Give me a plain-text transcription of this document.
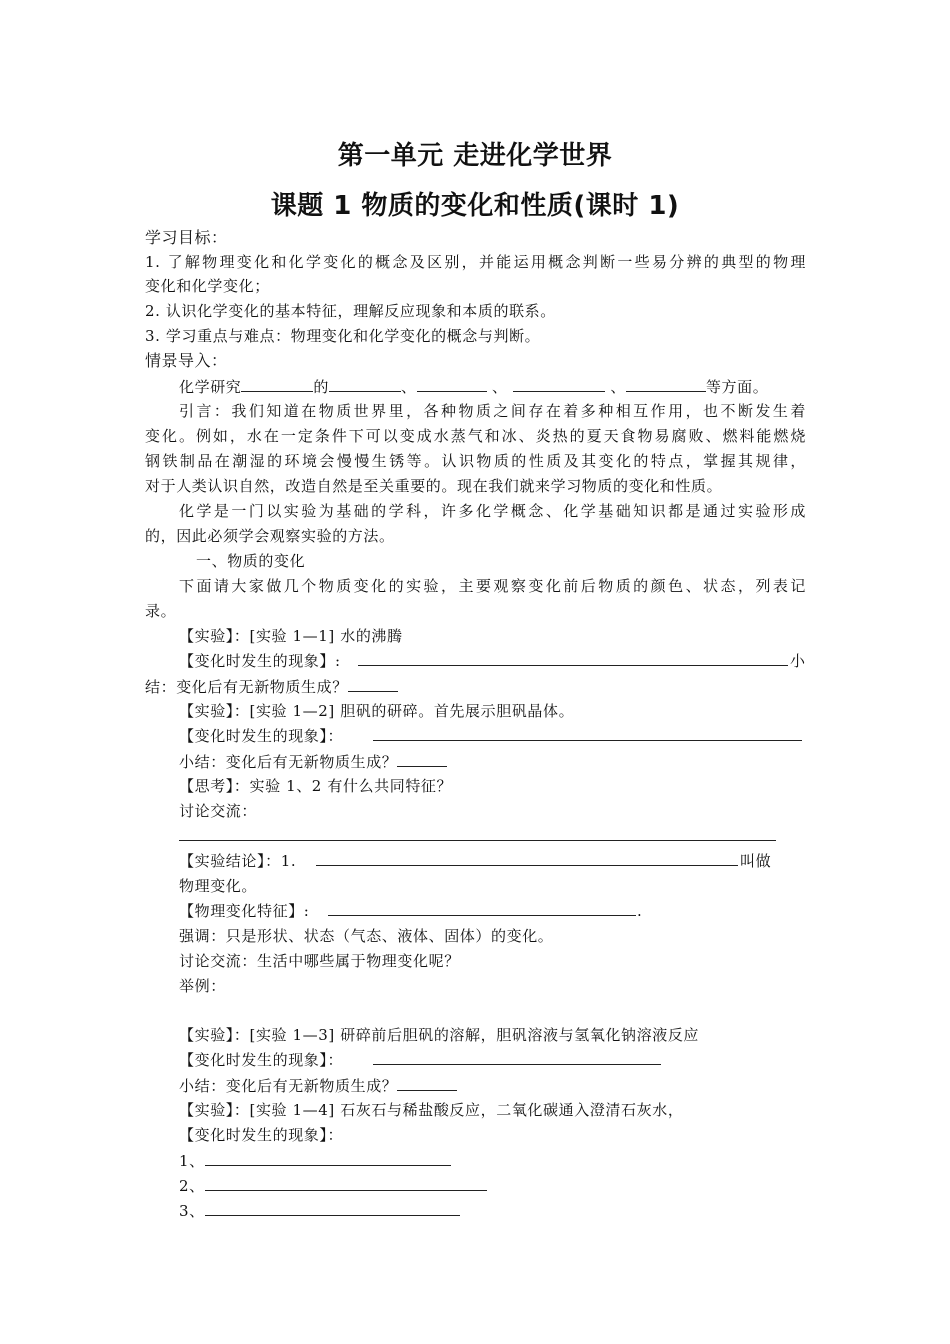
第一单元 走进化学世界
课题 1 物质的变化和性质(课时 1)
学习目标：
1. 了解物理变化和化学变化的概念及区别，并能运用概念判断一些易分辨的典型的物理
变化和化学变化；
2. 认识化学变化的基本特征，理解反应现象和本质的联系。
3. 学习重点与难点：物理变化和化学变化的概念与判断。
情景导入：
化学研究	的	、	、	、	等方面。
引言：我们知道在物质世界里，各种物质之间存在着多种相互作用，也不断发生着
变化。例如，水在一定条件下可以变成水蒸气和冰、炎热的夏天食物易腐败、燃料能燃烧
钢铁制品在潮湿的环境会慢慢生锈等。认识物质的性质及其变化的特点，掌握其规律，
对于人类认识自然，改造自然是至关重要的。现在我们就来学习物质的变化和性质。
化学是一门以实验为基础的学科，许多化学概念、化学基础知识都是通过实验形成
的，因此必须学会观察实验的方法。
一、物质的变化
下面请大家做几个物质变化的实验，主要观察变化前后物质的颜色、状态，列表记
录。
【实验】：[实验 1—1] 水的沸腾
【变化时发生的现象】:	小
结：变化后有无新物质生成？
【实验】：[实验 1—2] 胆矾的研碎。首先展示胆矾晶体。
【变化时发生的现象】：
小结：变化后有无新物质生成？
【思考】：实验 1、2 有什么共同特征？
讨论交流：
【实验结论】：1.	叫做
物理变化。
【物理变化特征】:	.
强调：只是形状、状态（气态、液体、固体）的变化。
讨论交流：生活中哪些属于物理变化呢？
举例：
【实验】：[实验 1—3] 研碎前后胆矾的溶解，胆矾溶液与氢氧化钠溶液反应
【变化时发生的现象】：
小结：变化后有无新物质生成？
【实验】：[实验 1—4] 石灰石与稀盐酸反应，二氧化碳通入澄清石灰水，
【变化时发生的现象】：
1、
2、
3、
